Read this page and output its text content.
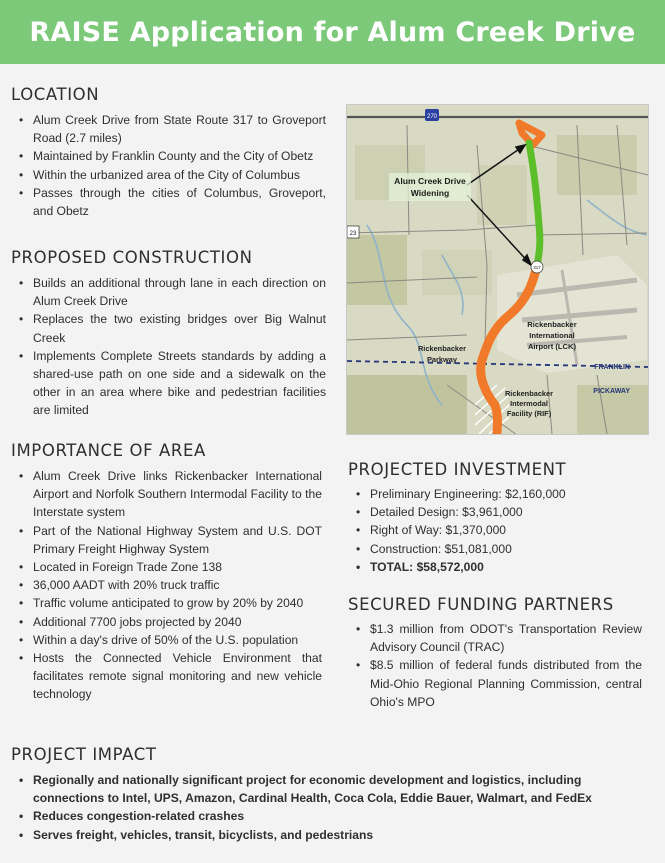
RAISE Application for Alum Creek Drive
LOCATION
• Alum Creek Drive from State Route 317 to Groveport Road (2.7 miles)
• Maintained by Franklin County and the City of Obetz
• Within the urbanized area of the City of Columbus
• Passes through the cities of Columbus, Groveport, and Obetz
PROPOSED CONSTRUCTION
• Builds an additional through lane in each direction on Alum Creek Drive
• Replaces the two existing bridges over Big Walnut Creek
• Implements Complete Streets standards by adding a shared-use path on one side and a sidewalk on the other in an area where bike and pedestrian facilities are limited
IMPORTANCE OF AREA
• Alum Creek Drive links Rickenbacker International Airport and Norfolk Southern Intermodal Facility to the Interstate system
• Part of the National Highway System and U.S. DOT Primary Freight Highway System
• Located in Foreign Trade Zone 138
• 36,000 AADT with 20% truck traffic
• Traffic volume anticipated to grow by 20% by 2040
• Additional 7700 jobs projected by 2040
• Within a day's drive of 50% of the U.S. population
• Hosts the Connected Vehicle Environment that facilitates remote signal monitoring and new vehicle technology
270
23
317
Alum Creek Drive
Widening
Rickenbacker
International
Airport (LCK)
Rickenbacker
Parkway
Rickenbacker
Intermodal
Facility (RIF)
FRANKLIN
PICKAWAY
PROJECTED INVESTMENT
• Preliminary Engineering: $2,160,000
• Detailed Design: $3,961,000
• Right of Way: $1,370,000
• Construction: $51,081,000
• TOTAL: $58,572,000
SECURED FUNDING PARTNERS
• $1.3 million from ODOT's Transportation Review Advisory Council (TRAC)
• $8.5 million of federal funds distributed from the Mid-Ohio Regional Planning Commission, central Ohio's MPO
PROJECT IMPACT
• Regionally and nationally significant project for economic development and logistics, including connections to Intel, UPS, Amazon, Cardinal Health, Coca Cola, Eddie Bauer, Walmart, and FedEx
• Reduces congestion-related crashes
• Serves freight, vehicles, transit, bicyclists, and pedestrians
